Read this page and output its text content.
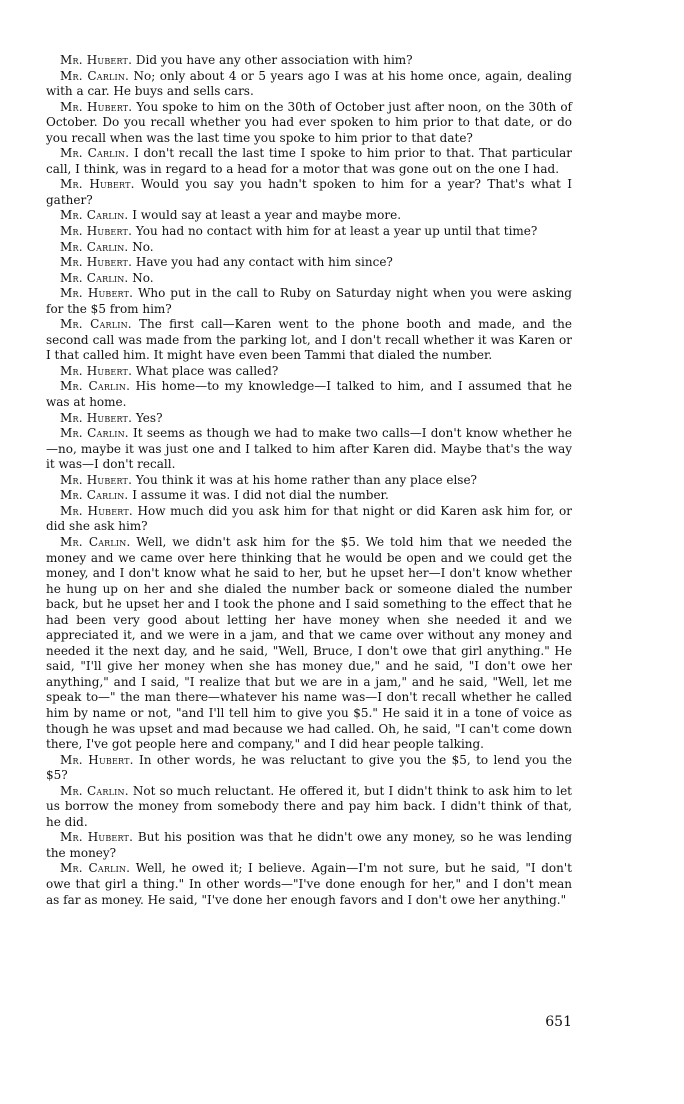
Mr. Hubert. Did you have any other association with him?

Mr. Carlin. No; only about 4 or 5 years ago I was at his home once, again, dealing with a car. He buys and sells cars.

Mr. Hubert. You spoke to him on the 30th of October just after noon, on the 30th of October. Do you recall whether you had ever spoken to him prior to that date, or do you recall when was the last time you spoke to him prior to that date?

Mr. Carlin. I don't recall the last time I spoke to him prior to that. That particular call, I think, was in regard to a head for a motor that was gone out on the one I had.

Mr. Hubert. Would you say you hadn't spoken to him for a year? That's what I gather?

Mr. Carlin. I would say at least a year and maybe more.

Mr. Hubert. You had no contact with him for at least a year up until that time?

Mr. Carlin. No.

Mr. Hubert. Have you had any contact with him since?

Mr. Carlin. No.

Mr. Hubert. Who put in the call to Ruby on Saturday night when you were asking for the $5 from him?

Mr. Carlin. The first call—Karen went to the phone booth and made, and the second call was made from the parking lot, and I don't recall whether it was Karen or I that called him. It might have even been Tammi that dialed the number.

Mr. Hubert. What place was called?

Mr. Carlin. His home—to my knowledge—I talked to him, and I assumed that he was at home.

Mr. Hubert. Yes?

Mr. Carlin. It seems as though we had to make two calls—I don't know whether he—no, maybe it was just one and I talked to him after Karen did. Maybe that's the way it was—I don't recall.

Mr. Hubert. You think it was at his home rather than any place else?

Mr. Carlin. I assume it was. I did not dial the number.

Mr. Hubert. How much did you ask him for that night or did Karen ask him for, or did she ask him?

Mr. Carlin. Well, we didn't ask him for the $5. We told him that we needed the money and we came over here thinking that he would be open and we could get the money, and I don't know what he said to her, but he upset her—I don't know whether he hung up on her and she dialed the number back or someone dialed the number back, but he upset her and I took the phone and I said something to the effect that he had been very good about letting her have money when she needed it and we appreciated it, and we were in a jam, and that we came over without any money and needed it the next day, and he said, "Well, Bruce, I don't owe that girl anything." He said, "I'll give her money when she has money due," and he said, "I don't owe her anything," and I said, "I realize that but we are in a jam," and he said, "Well, let me speak to—" the man there—whatever his name was—I don't recall whether he called him by name or not, "and I'll tell him to give you $5." He said it in a tone of voice as though he was upset and mad because we had called. Oh, he said, "I can't come down there, I've got people here and company," and I did hear people talking.

Mr. Hubert. In other words, he was reluctant to give you the $5, to lend you the $5?

Mr. Carlin. Not so much reluctant. He offered it, but I didn't think to ask him to let us borrow the money from somebody there and pay him back. I didn't think of that, he did.

Mr. Hubert. But his position was that he didn't owe any money, so he was lending the money?

Mr. Carlin. Well, he owed it; I believe. Again—I'm not sure, but he said, "I don't owe that girl a thing." In other words—"I've done enough for her," and I don't mean as far as money. He said, "I've done her enough favors and I don't owe her anything."

651
